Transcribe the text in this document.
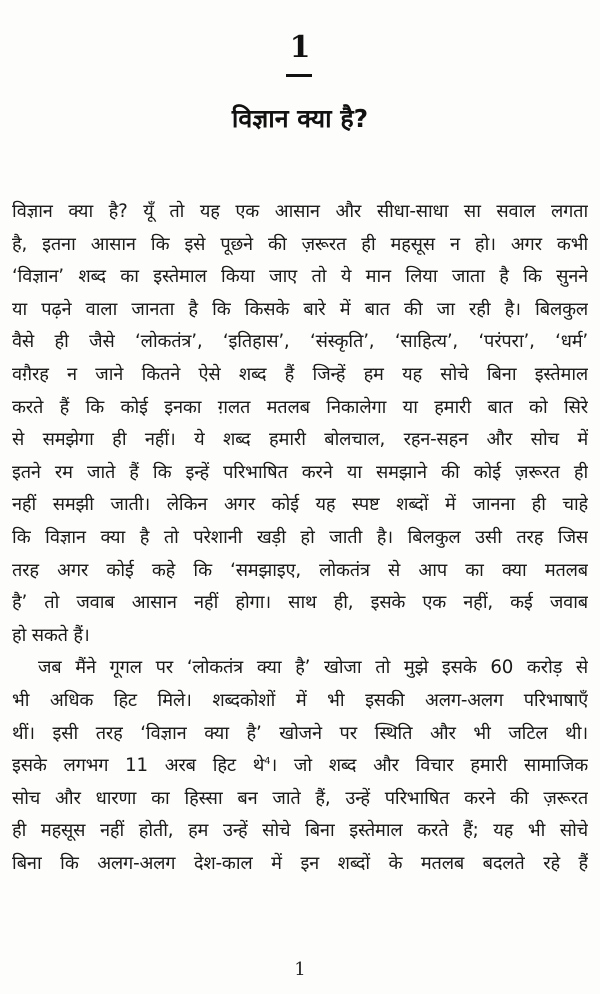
1
विज्ञान क्या है?
विज्ञान क्या है? यूँ तो यह एक आसान और सीधा-साधा सा सवाल लगता
है, इतना आसान कि इसे पूछने की ज़रूरत ही महसूस न हो। अगर कभी
‘विज्ञान’ शब्द का इस्तेमाल किया जाए तो ये मान लिया जाता है कि सुनने
या पढ़ने वाला जानता है कि किसके बारे में बात की जा रही है। बिलकुल
वैसे ही जैसे ‘लोकतंत्र’, ‘इतिहास’, ‘संस्कृति’, ‘साहित्य’, ‘परंपरा’, ‘धर्म’
वग़ैरह न जाने कितने ऐसे शब्द हैं जिन्हें हम यह सोचे बिना इस्तेमाल
करते हैं कि कोई इनका ग़लत मतलब निकालेगा या हमारी बात को सिरे
से समझेगा ही नहीं। ये शब्द हमारी बोलचाल, रहन-सहन और सोच में
इतने रम जाते हैं कि इन्हें परिभाषित करने या समझाने की कोई ज़रूरत ही
नहीं समझी जाती। लेकिन अगर कोई यह स्पष्ट शब्दों में जानना ही चाहे
कि विज्ञान क्या है तो परेशानी खड़ी हो जाती है। बिलकुल उसी तरह जिस
तरह अगर कोई कहे कि ‘समझाइए, लोकतंत्र से आप का क्या मतलब
है’ तो जवाब आसान नहीं होगा। साथ ही, इसके एक नहीं, कई जवाब
हो सकते हैं।
जब मैंने गूगल पर ‘लोकतंत्र क्या है’ खोजा तो मुझे इसके 60 करोड़ से
भी अधिक हिट मिले। शब्दकोशों में भी इसकी अलग-अलग परिभाषाएँ
थीं। इसी तरह ‘विज्ञान क्या है’ खोजने पर स्थिति और भी जटिल थी।
इसके लगभग 11 अरब हिट थे$^4$। जो शब्द और विचार हमारी सामाजिक
सोच और धारणा का हिस्सा बन जाते हैं, उन्हें परिभाषित करने की ज़रूरत
ही महसूस नहीं होती, हम उन्हें सोचे बिना इस्तेमाल करते हैं; यह भी सोचे
बिना कि अलग-अलग देश-काल में इन शब्दों के मतलब बदलते रहे हैं
1
